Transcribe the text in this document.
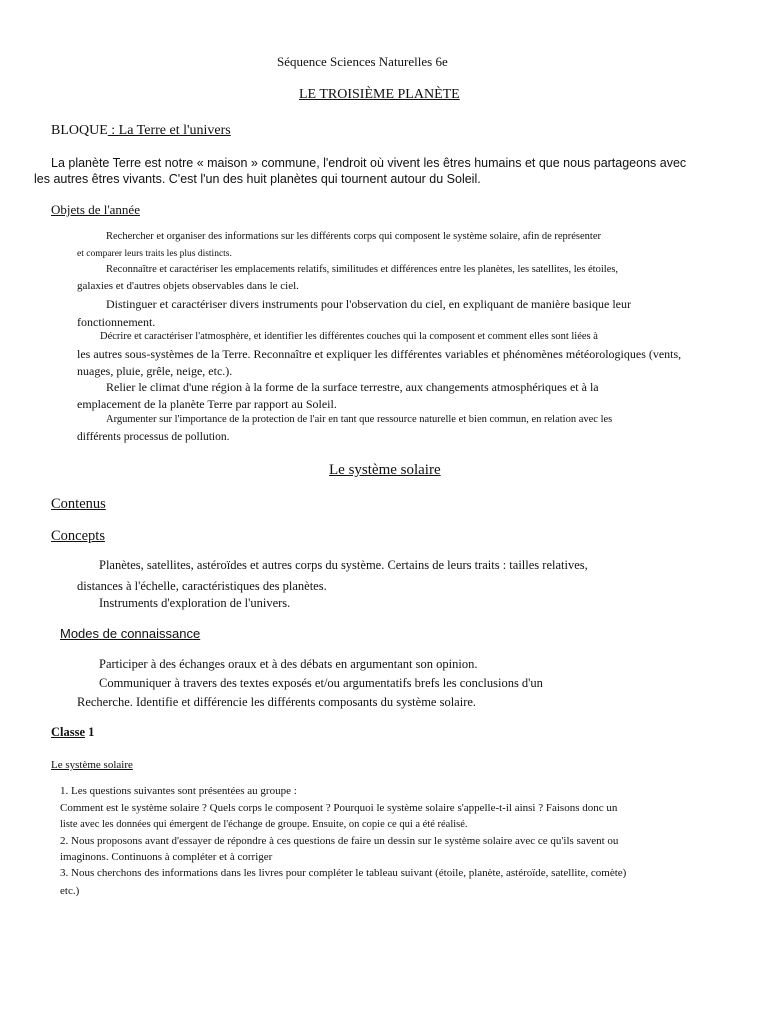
Séquence Sciences Naturelles 6e
LE TROISIÈME PLANÈTE
BLOQUE : La Terre et l'univers
La planète Terre est notre « maison » commune, l'endroit où vivent les êtres humains et que nous partageons avec
les autres êtres vivants. C'est l'un des huit planètes qui tournent autour du Soleil.
Objets de l'année
Rechercher et organiser des informations sur les différents corps qui composent le système solaire, afin de représenter
et comparer leurs traits les plus distincts.
Reconnaître et caractériser les emplacements relatifs, similitudes et différences entre les planètes, les satellites, les étoiles,
galaxies et d'autres objets observables dans le ciel.
Distinguer et caractériser divers instruments pour l'observation du ciel, en expliquant de manière basique leur
fonctionnement.
Décrire et caractériser l'atmosphère, et identifier les différentes couches qui la composent et comment elles sont liées à
les autres sous-systèmes de la Terre. Reconnaître et expliquer les différentes variables et phénomènes météorologiques (vents,
nuages, pluie, grêle, neige, etc.).
Relier le climat d'une région à la forme de la surface terrestre, aux changements atmosphériques et à la
emplacement de la planète Terre par rapport au Soleil.
Argumenter sur l'importance de la protection de l'air en tant que ressource naturelle et bien commun, en relation avec les
différents processus de pollution.
Le système solaire
Contenus
Concepts
Planètes, satellites, astéroïdes et autres corps du système. Certains de leurs traits : tailles relatives,
distances à l'échelle, caractéristiques des planètes.
Instruments d'exploration de l'univers.
Modes de connaissance
Participer à des échanges oraux et à des débats en argumentant son opinion.
Communiquer à travers des textes exposés et/ou argumentatifs brefs les conclusions d'un
Recherche. Identifie et différencie les différents composants du système solaire.
Classe 1
Le système solaire
1. Les questions suivantes sont présentées au groupe :
Comment est le système solaire ? Quels corps le composent ? Pourquoi le système solaire s'appelle-t-il ainsi ? Faisons donc un
liste avec les données qui émergent de l'échange de groupe. Ensuite, on copie ce qui a été réalisé.
2. Nous proposons avant d'essayer de répondre à ces questions de faire un dessin sur le système solaire avec ce qu'ils savent ou
imaginons. Continuons à compléter et à corriger
3. Nous cherchons des informations dans les livres pour compléter le tableau suivant (étoile, planète, astéroïde, satellite, comète)
etc.)
